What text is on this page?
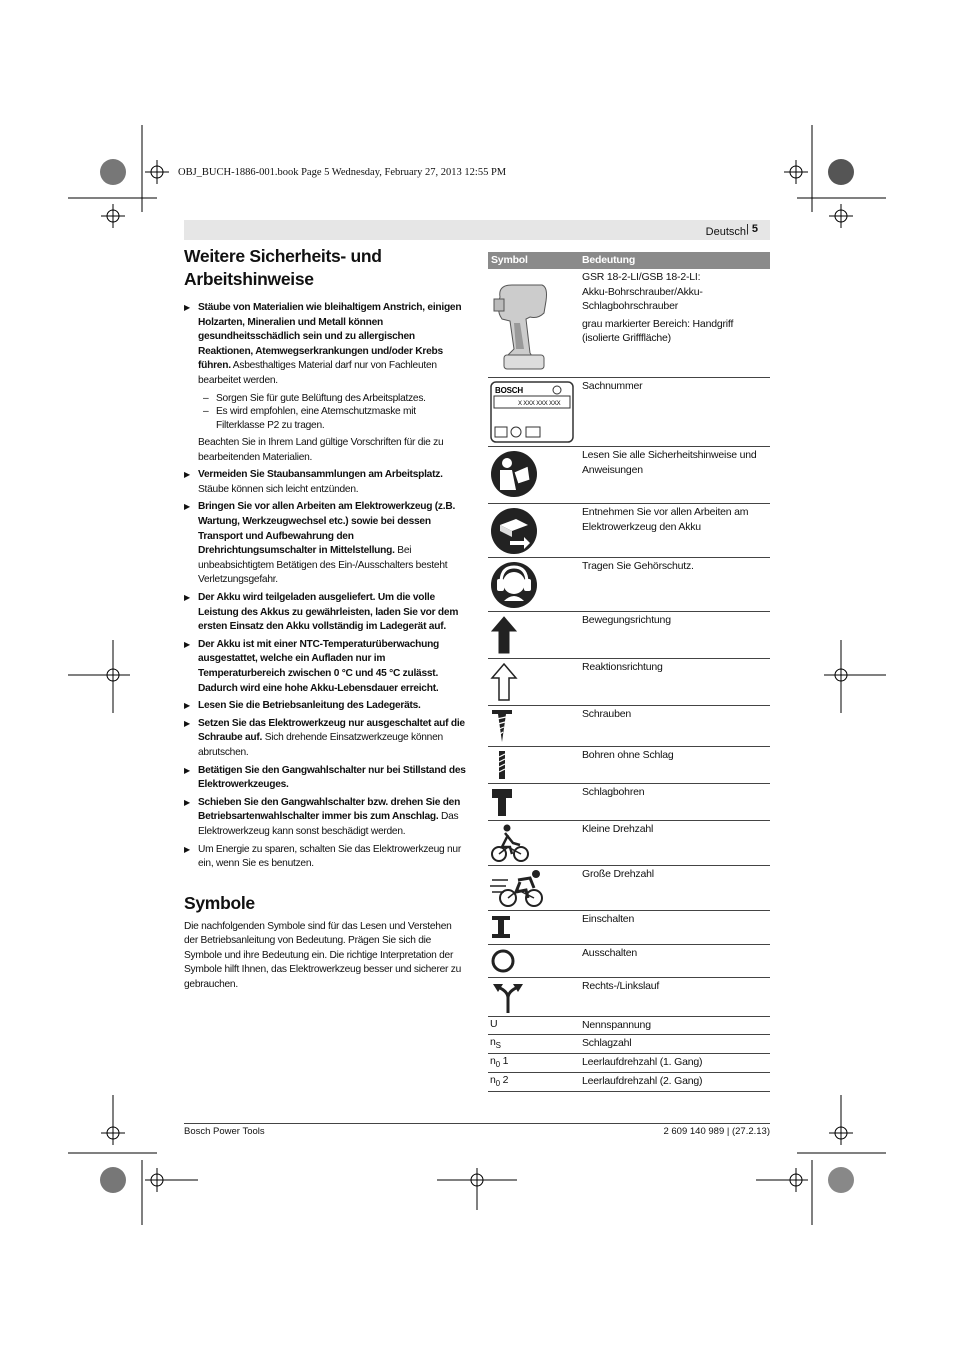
OBJ_BUCH-1886-001.book Page 5 Wednesday, February 27, 2013 12:55 PM
Deutsch | 5
Weitere Sicherheits- und
Arbeitshinweise
▶ Stäube von Materialien wie bleihaltigem Anstrich, einigen Holzarten, Mineralien und Metall können gesundheitsschädlich sein und zu allergischen Reaktionen, Atemwegserkrankungen und/oder Krebs führen. Asbesthaltiges Material darf nur von Fachleuten bearbeitet werden.
– Sorgen Sie für gute Belüftung des Arbeitsplatzes.
– Es wird empfohlen, eine Atemschutzmaske mit Filterklasse P2 zu tragen.
Beachten Sie in Ihrem Land gültige Vorschriften für die zu bearbeitenden Materialien.
▶ Vermeiden Sie Staubansammlungen am Arbeitsplatz. Stäube können sich leicht entzünden.
▶ Bringen Sie vor allen Arbeiten am Elektrowerkzeug (z.B. Wartung, Werkzeugwechsel etc.) sowie bei dessen Transport und Aufbewahrung den Drehrichtungsumschalter in Mittelstellung. Bei unbeabsichtigtem Betätigen des Ein-/Ausschalters besteht Verletzungsgefahr.
▶ Der Akku wird teilgeladen ausgeliefert. Um die volle Leistung des Akkus zu gewährleisten, laden Sie vor dem ersten Einsatz den Akku vollständig im Ladegerät auf.
▶ Der Akku ist mit einer NTC-Temperaturüberwachung ausgestattet, welche ein Aufladen nur im Temperaturbereich zwischen 0 °C und 45 °C zulässt. Dadurch wird eine hohe Akku-Lebensdauer erreicht.
▶ Lesen Sie die Betriebsanleitung des Ladegeräts.
▶ Setzen Sie das Elektrowerkzeug nur ausgeschaltet auf die Schraube auf. Sich drehende Einsatzwerkzeuge können abrutschen.
▶ Betätigen Sie den Gangwahlschalter nur bei Stillstand des Elektrowerkzeuges.
▶ Schieben Sie den Gangwahlschalter bzw. drehen Sie den Betriebsartenwahlschalter immer bis zum Anschlag. Das Elektrowerkzeug kann sonst beschädigt werden.
▶ Um Energie zu sparen, schalten Sie das Elektrowerkzeug nur ein, wenn Sie es benutzen.
Symbole
Die nachfolgenden Symbole sind für das Lesen und Verstehen der Betriebsanleitung von Bedeutung. Prägen Sie sich die Symbole und ihre Bedeutung ein. Die richtige Interpretation der Symbole hilft Ihnen, das Elektrowerkzeug besser und sicherer zu gebrauchen.
Symbol	Bedeutung
GSR 18-2-LI/GSB 18-2-LI:
Akku-Bohrschrauber/Akku-Schlagbohrschrauber
grau markierter Bereich: Handgriff (isolierte Grifffläche)
BOSCH
X XXX XXX XXX
Sachnummer
Lesen Sie alle Sicherheitshinweise und Anweisungen
Entnehmen Sie vor allen Arbeiten am Elektrowerkzeug den Akku
Tragen Sie Gehörschutz.
Bewegungsrichtung
Reaktionsrichtung
Schrauben
Bohren ohne Schlag
Schlagbohren
Kleine Drehzahl
Große Drehzahl
Einschalten
Ausschalten
Rechts-/Linkslauf
U	Nennspannung
$n_S$	Schlagzahl
$n_0$ 1	Leerlaufdrehzahl (1. Gang)
$n_0$ 2	Leerlaufdrehzahl (2. Gang)
Bosch Power Tools	2 609 140 989 | (27.2.13)
